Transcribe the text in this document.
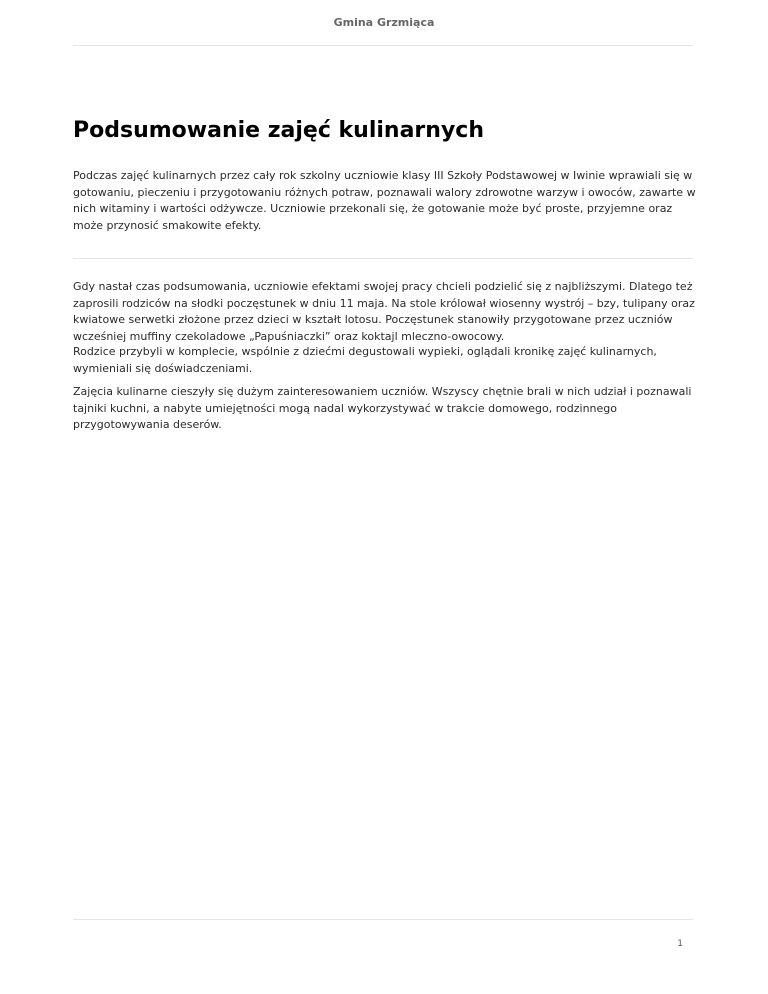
Gmina Grzmiąca
Podsumowanie zajęć kulinarnych

Podczas zajęć kulinarnych przez cały rok szkolny uczniowie klasy III Szkoły Podstawowej w Iwinie wprawiali się w gotowaniu, pieczeniu i przygotowaniu różnych potraw, poznawali walory zdrowotne warzyw i owoców, zawarte w nich witaminy i wartości odżywcze. Uczniowie przekonali się, że gotowanie może być proste, przyjemne oraz może przynosić smakowite efekty.

Gdy nastał czas podsumowania, uczniowie efektami swojej pracy chcieli podzielić się z najbliższymi. Dlatego też zaprosili rodziców na słodki poczęstunek w dniu 11 maja. Na stole królował wiosenny wystrój – bzy, tulipany oraz kwiatowe serwetki złożone przez dzieci w kształt lotosu. Poczęstunek stanowiły przygotowane przez uczniów wcześniej muffiny czekoladowe „Papuśniaczki” oraz koktajl mleczno-owocowy.

Rodzice przybyli w komplecie, wspólnie z dziećmi degustowali wypieki, oglądali kronikę zajęć kulinarnych, wymieniali się doświadczeniami.

Zajęcia kulinarne cieszyły się dużym zainteresowaniem uczniów. Wszyscy chętnie brali w nich udział i poznawali tajniki kuchni, a nabyte umiejętności mogą nadal wykorzystywać w trakcie domowego, rodzinnego przygotowywania deserów.

1
